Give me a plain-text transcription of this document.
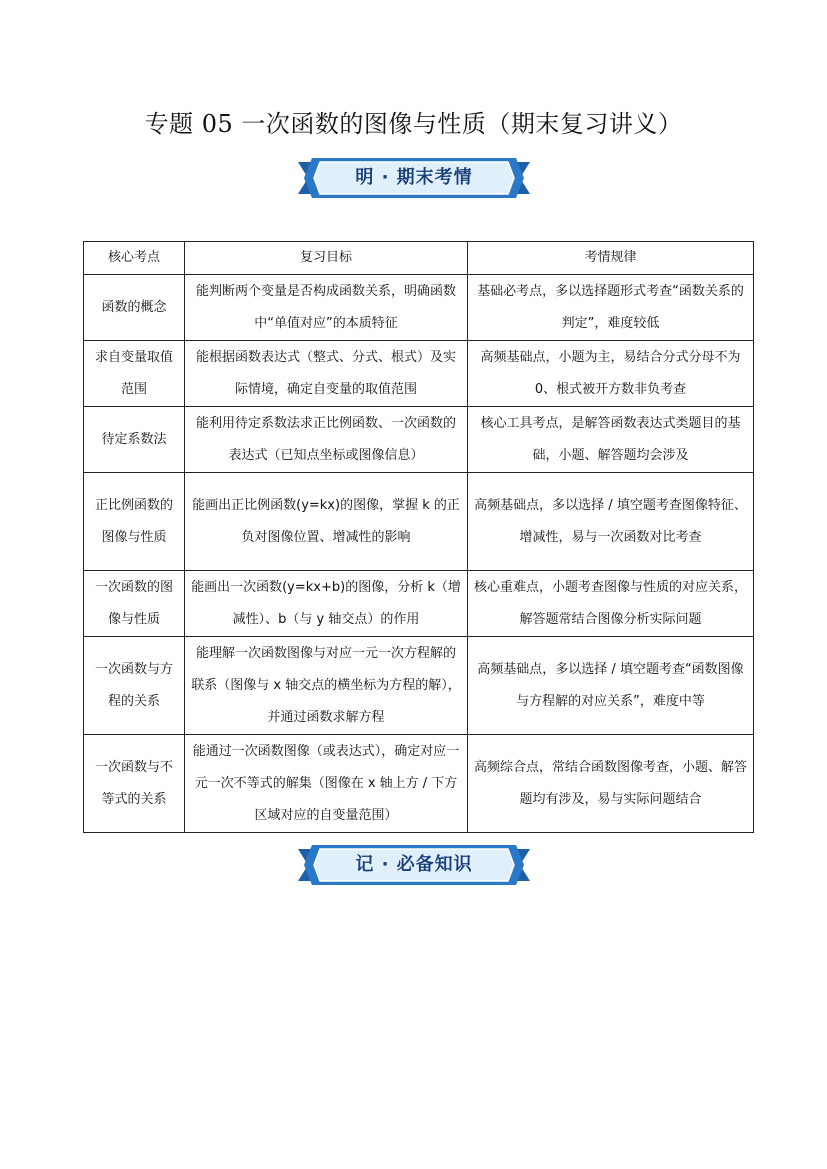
专题 05 一次函数的图像与性质（期末复习讲义）
明 · 期末考情
核心考点	复习目标	考情规律
函数的概念	能判断两个变量是否构成函数关系，明确函数中“单值对应”的本质特征	基础必考点，多以选择题形式考查“函数关系的判定”，难度较低
求自变量取值范围	能根据函数表达式（整式、分式、根式）及实际情境，确定自变量的取值范围	高频基础点，小题为主，易结合分式分母不为 0、根式被开方数非负考查
待定系数法	能利用待定系数法求正比例函数、一次函数的表达式（已知点坐标或图像信息）	核心工具考点，是解答函数表达式类题目的基础，小题、解答题均会涉及
正比例函数的图像与性质	能画出正比例函数(y=kx)的图像，掌握 k 的正负对图像位置、增减性的影响	高频基础点，多以选择 / 填空题考查图像特征、增减性，易与一次函数对比考查
一次函数的图像与性质	能画出一次函数(y=kx+b)的图像，分析 k（增减性）、b（与 y 轴交点）的作用	核心重难点，小题考查图像与性质的对应关系，解答题常结合图像分析实际问题
一次函数与方程的关系	能理解一次函数图像与对应一元一次方程解的联系（图像与 x 轴交点的横坐标为方程的解），并通过函数求解方程	高频基础点，多以选择 / 填空题考查“函数图像与方程解的对应关系”，难度中等
一次函数与不等式的关系	能通过一次函数图像（或表达式），确定对应一元一次不等式的解集（图像在 x 轴上方 / 下方区域对应的自变量范围）	高频综合点，常结合函数图像考查，小题、解答题均有涉及，易与实际问题结合
记 · 必备知识
